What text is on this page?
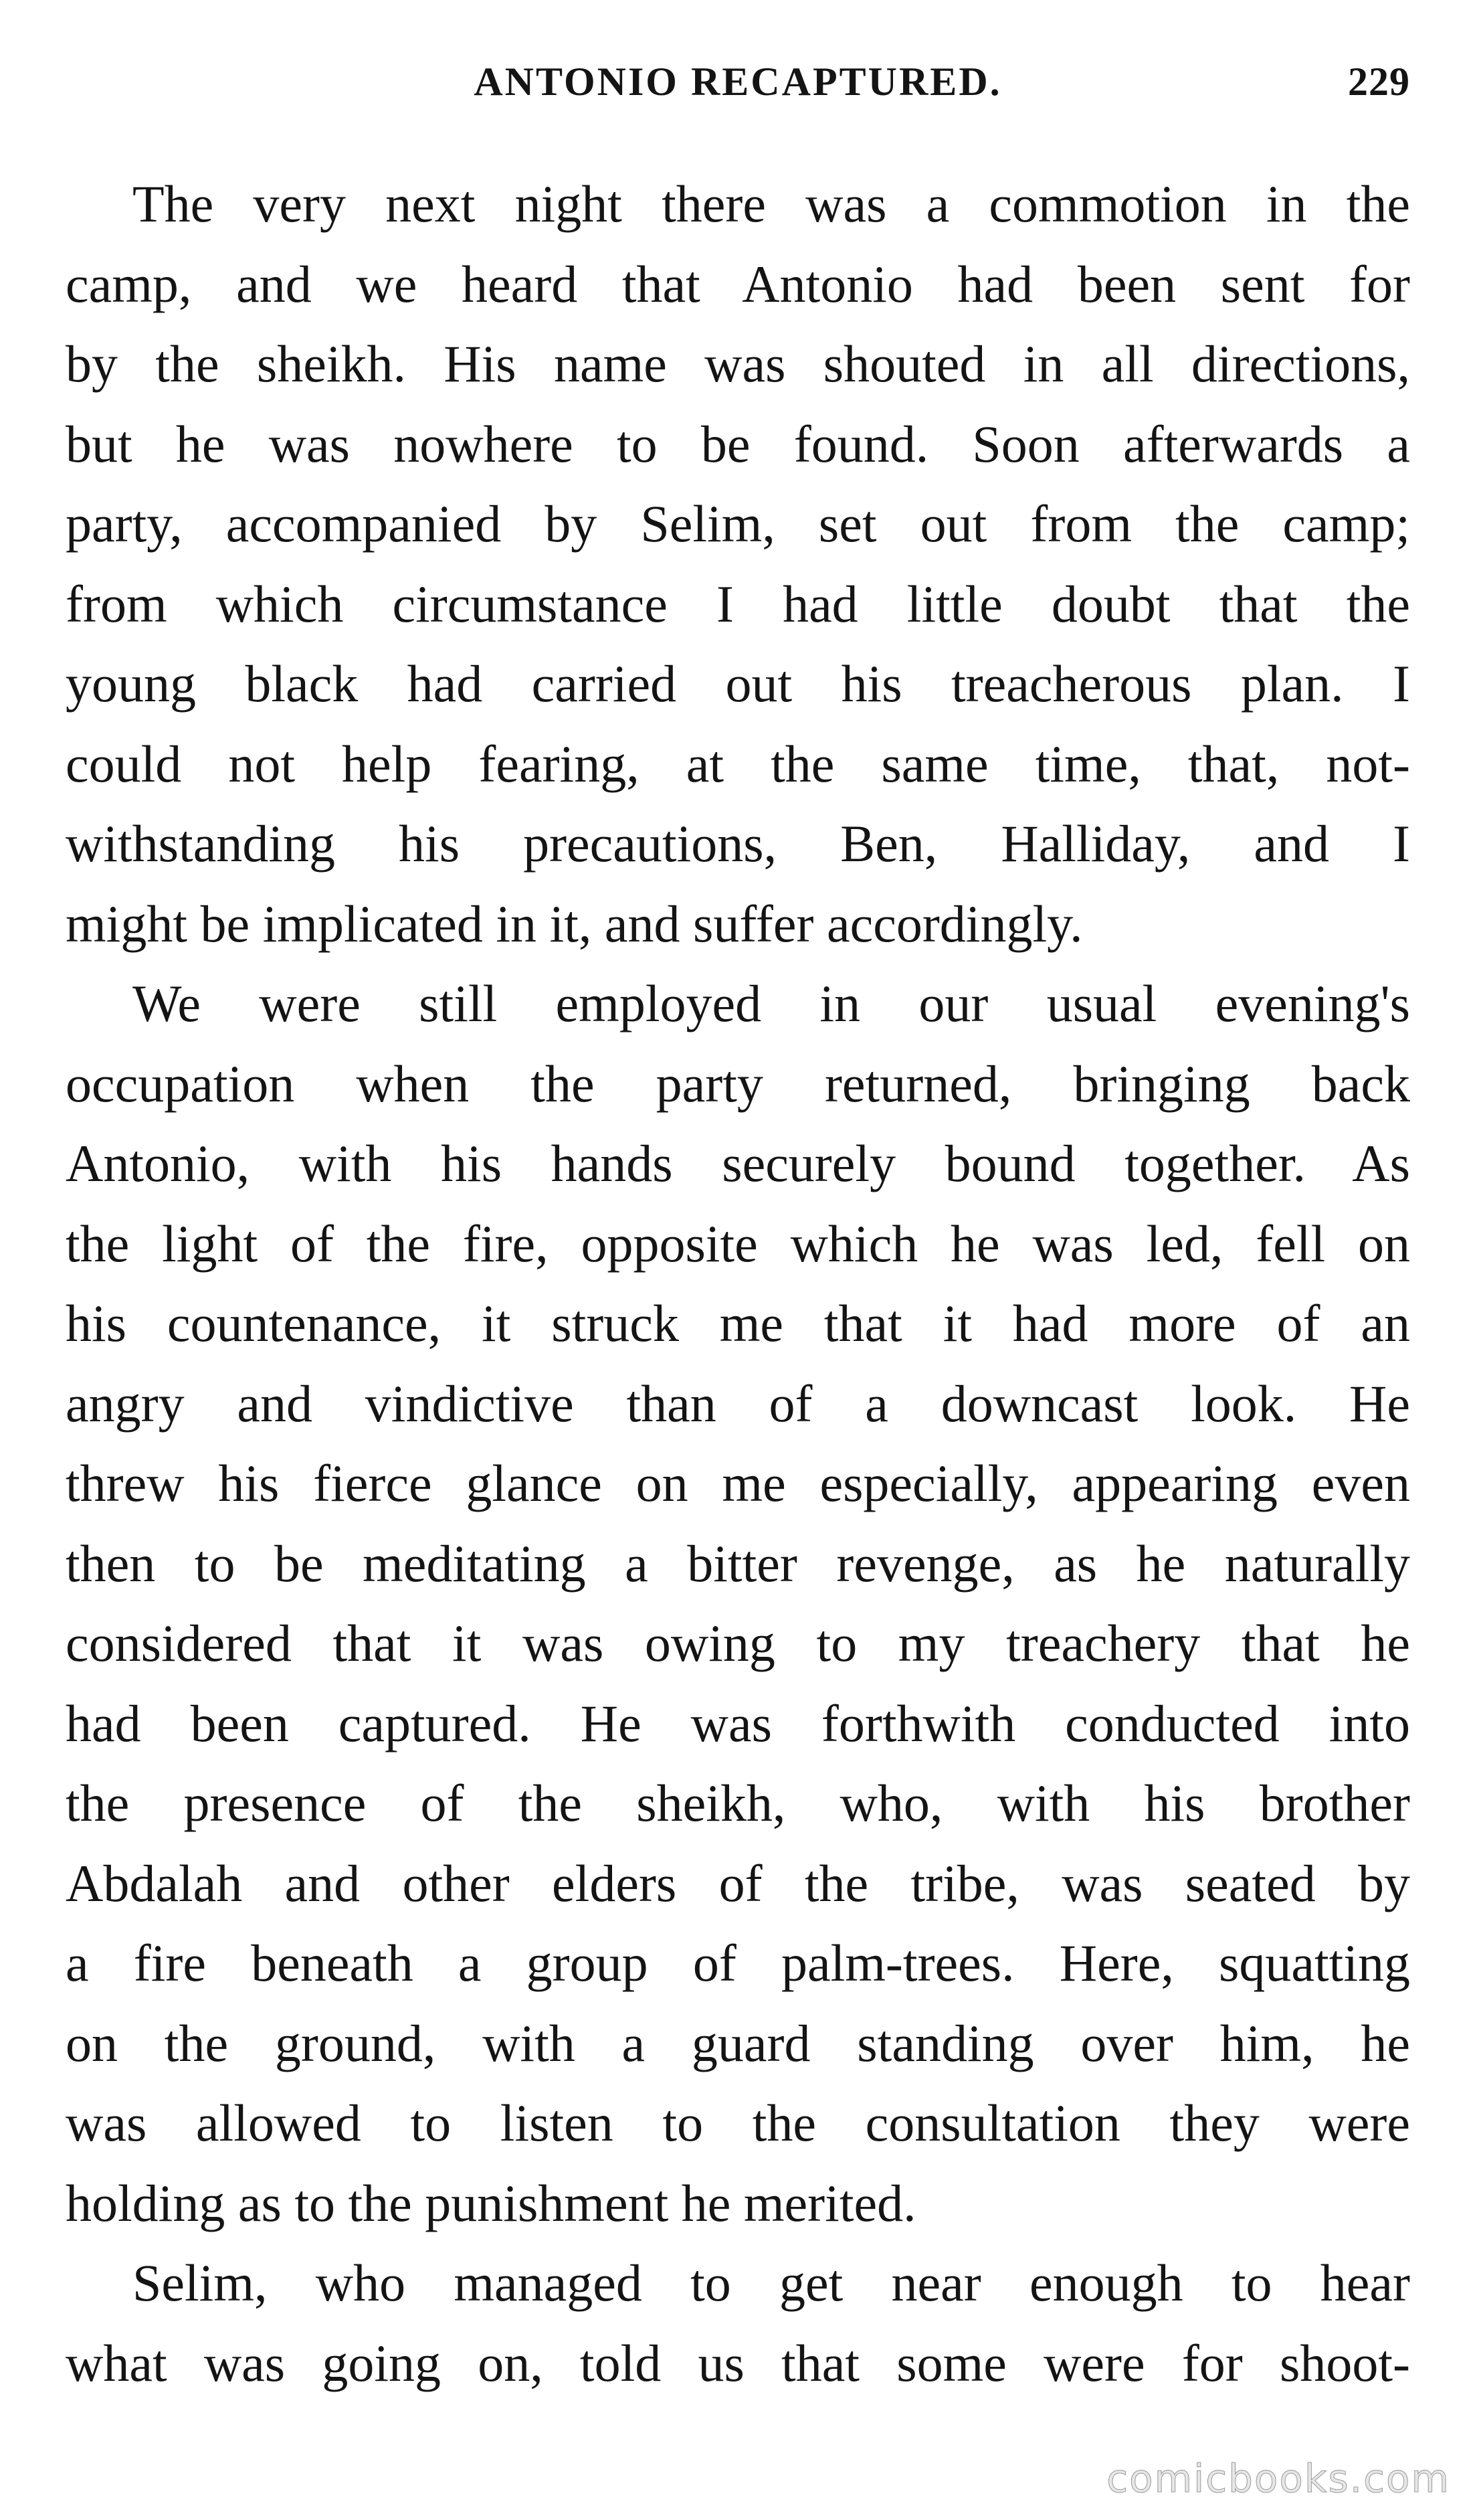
ANTONIO RECAPTURED.	229

The very next night there was a commotion in the
camp, and we heard that Antonio had been sent for
by the sheikh. His name was shouted in all directions,
but he was nowhere to be found. Soon afterwards a
party, accompanied by Selim, set out from the camp;
from which circumstance I had little doubt that the
young black had carried out his treacherous plan. I
could not help fearing, at the same time, that, not-
withstanding his precautions, Ben, Halliday, and I
might be implicated in it, and suffer accordingly.

We were still employed in our usual evening's
occupation when the party returned, bringing back
Antonio, with his hands securely bound together. As
the light of the fire, opposite which he was led, fell on
his countenance, it struck me that it had more of an
angry and vindictive than of a downcast look. He
threw his fierce glance on me especially, appearing even
then to be meditating a bitter revenge, as he naturally
considered that it was owing to my treachery that he
had been captured. He was forthwith conducted into
the presence of the sheikh, who, with his brother
Abdalah and other elders of the tribe, was seated by
a fire beneath a group of palm-trees. Here, squatting
on the ground, with a guard standing over him, he
was allowed to listen to the consultation they were
holding as to the punishment he merited.

Selim, who managed to get near enough to hear
what was going on, told us that some were for shoot-

comicbooks.com
